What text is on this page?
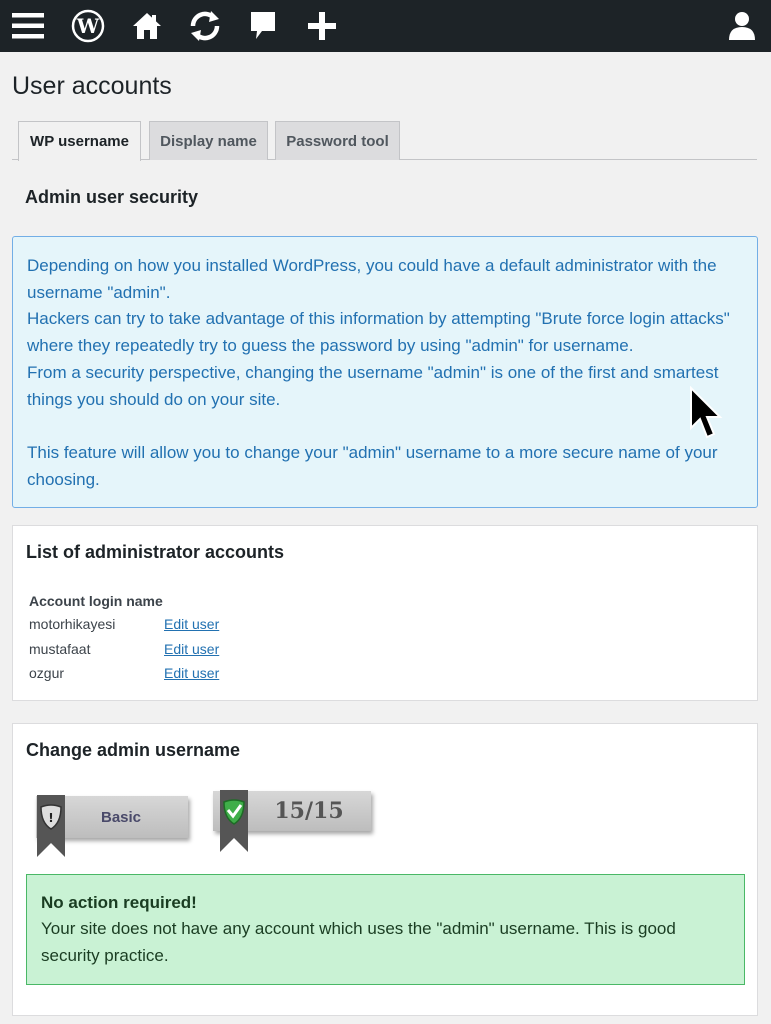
W
User accounts
WP username	Display name	Password tool
Admin user security

Depending on how you installed WordPress, you could have a default administrator with the username "admin".

Hackers can try to take advantage of this information by attempting "Brute force login attacks" where they repeatedly try to guess the password by using "admin" for username.

From a security perspective, changing the username "admin" is one of the first and smartest things you should do on your site.

This feature will allow you to change your "admin" username to a more secure name of your choosing.

List of administrator accounts
Account login name
motorhikayesi	Edit user
mustafaat	Edit user
ozgur	Edit user
Change admin username
Basic
!	15/15
No action required!
Your site does not have any account which uses the "admin" username. This is good security practice.
